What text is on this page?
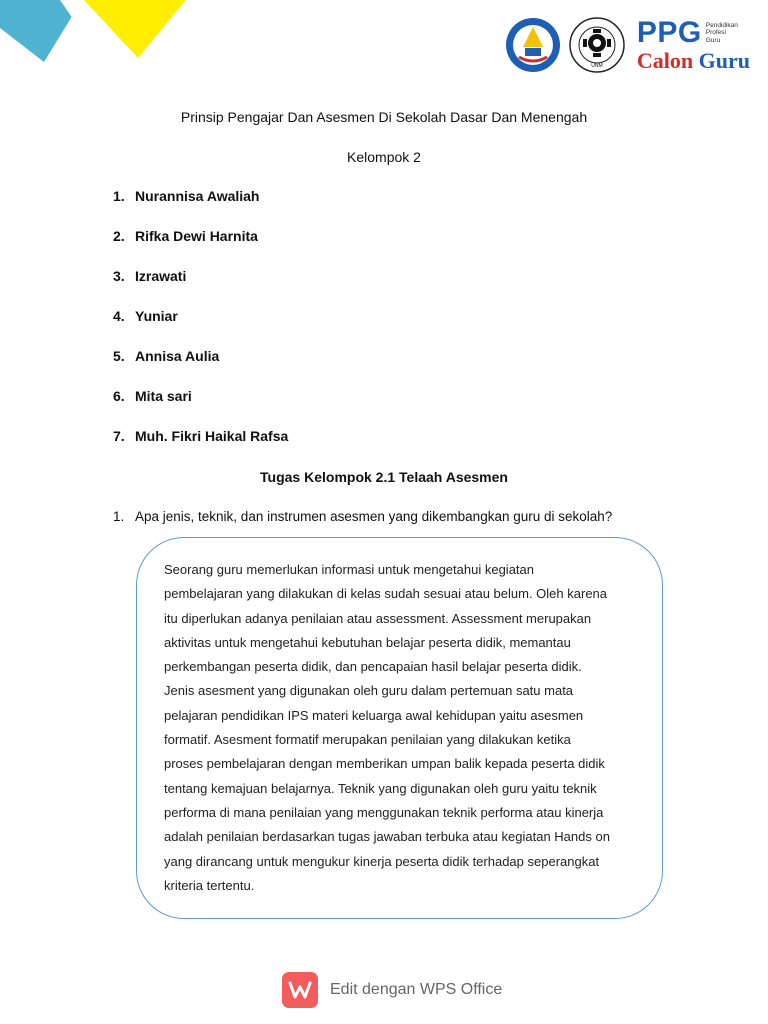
UNM
PPG Pendidikan
Profesi
Guru
Calon Guru
Prinsip Pengajar Dan Asesmen Di Sekolah Dasar Dan Menengah
Kelompok 2
1. Nurannisa Awaliah
2. Rifka Dewi Harnita
3. Izrawati
4. Yuniar
5. Annisa Aulia
6. Mita sari
7. Muh. Fikri Haikal Rafsa
Tugas Kelompok 2.1 Telaah Asesmen
1. Apa jenis, teknik, dan instrumen asesmen yang dikembangkan guru di sekolah?
Seorang guru memerlukan informasi untuk mengetahui kegiatan
pembelajaran yang dilakukan di kelas sudah sesuai atau belum. Oleh karena
itu diperlukan adanya penilaian atau assessment. Assessment merupakan
aktivitas untuk mengetahui kebutuhan belajar peserta didik, memantau
perkembangan peserta didik, dan pencapaian hasil belajar peserta didik.
Jenis asesment yang digunakan oleh guru dalam pertemuan satu mata
pelajaran pendidikan IPS materi keluarga awal kehidupan yaitu asesmen
formatif. Asesment formatif merupakan penilaian yang dilakukan ketika
proses pembelajaran dengan memberikan umpan balik kepada peserta didik
tentang kemajuan belajarnya. Teknik yang digunakan oleh guru yaitu teknik
performa di mana penilaian yang menggunakan teknik performa atau kinerja
adalah penilaian berdasarkan tugas jawaban terbuka atau kegiatan Hands on
yang dirancang untuk mengukur kinerja peserta didik terhadap seperangkat
kriteria tertentu.
Edit dengan WPS Office
